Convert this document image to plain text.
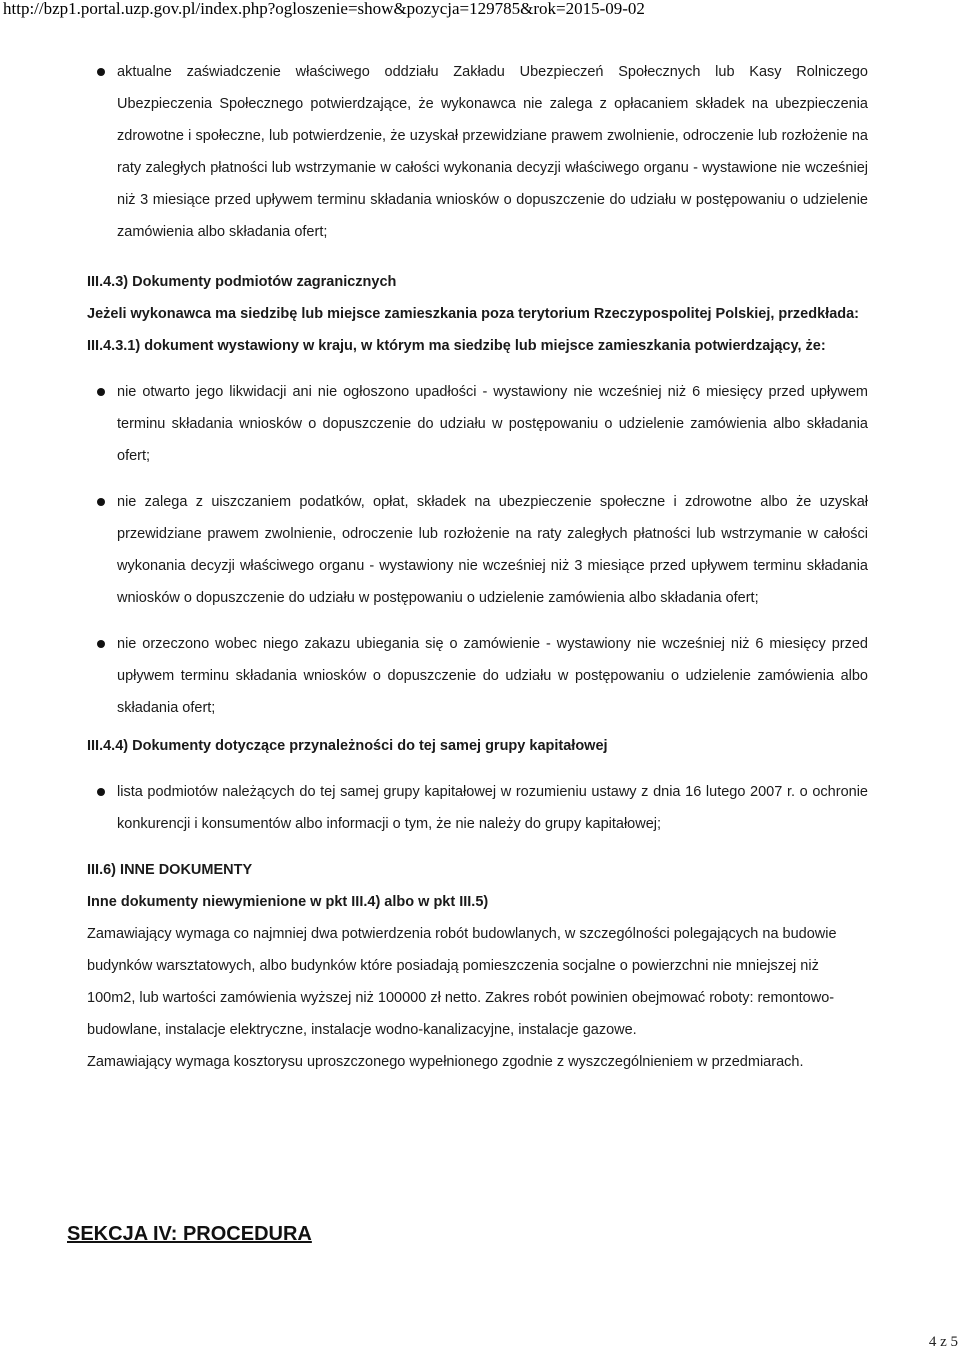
http://bzp1.portal.uzp.gov.pl/index.php?ogloszenie=show&pozycja=129785&rok=2015-09-02
aktualne zaświadczenie właściwego oddziału Zakładu Ubezpieczeń Społecznych lub Kasy Rolniczego Ubezpieczenia Społecznego potwierdzające, że wykonawca nie zalega z opłacaniem składek na ubezpieczenia zdrowotne i społeczne, lub potwierdzenie, że uzyskał przewidziane prawem zwolnienie, odroczenie lub rozłożenie na raty zaległych płatności lub wstrzymanie w całości wykonania decyzji właściwego organu - wystawione nie wcześniej niż 3 miesiące przed upływem terminu składania wniosków o dopuszczenie do udziału w postępowaniu o udzielenie zamówienia albo składania ofert;
III.4.3) Dokumenty podmiotów zagranicznych
Jeżeli wykonawca ma siedzibę lub miejsce zamieszkania poza terytorium Rzeczypospolitej Polskiej, przedkłada:
III.4.3.1) dokument wystawiony w kraju, w którym ma siedzibę lub miejsce zamieszkania potwierdzający, że:
nie otwarto jego likwidacji ani nie ogłoszono upadłości - wystawiony nie wcześniej niż 6 miesięcy przed upływem terminu składania wniosków o dopuszczenie do udziału w postępowaniu o udzielenie zamówienia albo składania ofert;
nie zalega z uiszczaniem podatków, opłat, składek na ubezpieczenie społeczne i zdrowotne albo że uzyskał przewidziane prawem zwolnienie, odroczenie lub rozłożenie na raty zaległych płatności lub wstrzymanie w całości wykonania decyzji właściwego organu - wystawiony nie wcześniej niż 3 miesiące przed upływem terminu składania wniosków o dopuszczenie do udziału w postępowaniu o udzielenie zamówienia albo składania ofert;
nie orzeczono wobec niego zakazu ubiegania się o zamówienie - wystawiony nie wcześniej niż 6 miesięcy przed upływem terminu składania wniosków o dopuszczenie do udziału w postępowaniu o udzielenie zamówienia albo składania ofert;
III.4.4) Dokumenty dotyczące przynależności do tej samej grupy kapitałowej
lista podmiotów należących do tej samej grupy kapitałowej w rozumieniu ustawy z dnia 16 lutego 2007 r. o ochronie konkurencji i konsumentów albo informacji o tym, że nie należy do grupy kapitałowej;
III.6) INNE DOKUMENTY
Inne dokumenty niewymienione w pkt III.4) albo w pkt III.5)

Zamawiający wymaga co najmniej dwa potwierdzenia robót budowlanych, w szczególności polegających na budowie budynków warsztatowych, albo budynków które posiadają pomieszczenia socjalne o powierzchni nie mniejszej niż 100m2, lub wartości zamówienia wyższej niż 100000 zł netto. Zakres robót powinien obejmować roboty: remontowo-budowlane, instalacje elektryczne, instalacje wodno-kanalizacyjne, instalacje gazowe.

Zamawiający wymaga kosztorysu uproszczonego wypełnionego zgodnie z wyszczególnieniem w przedmiarach.

SEKCJA IV: PROCEDURA
4 z 5
